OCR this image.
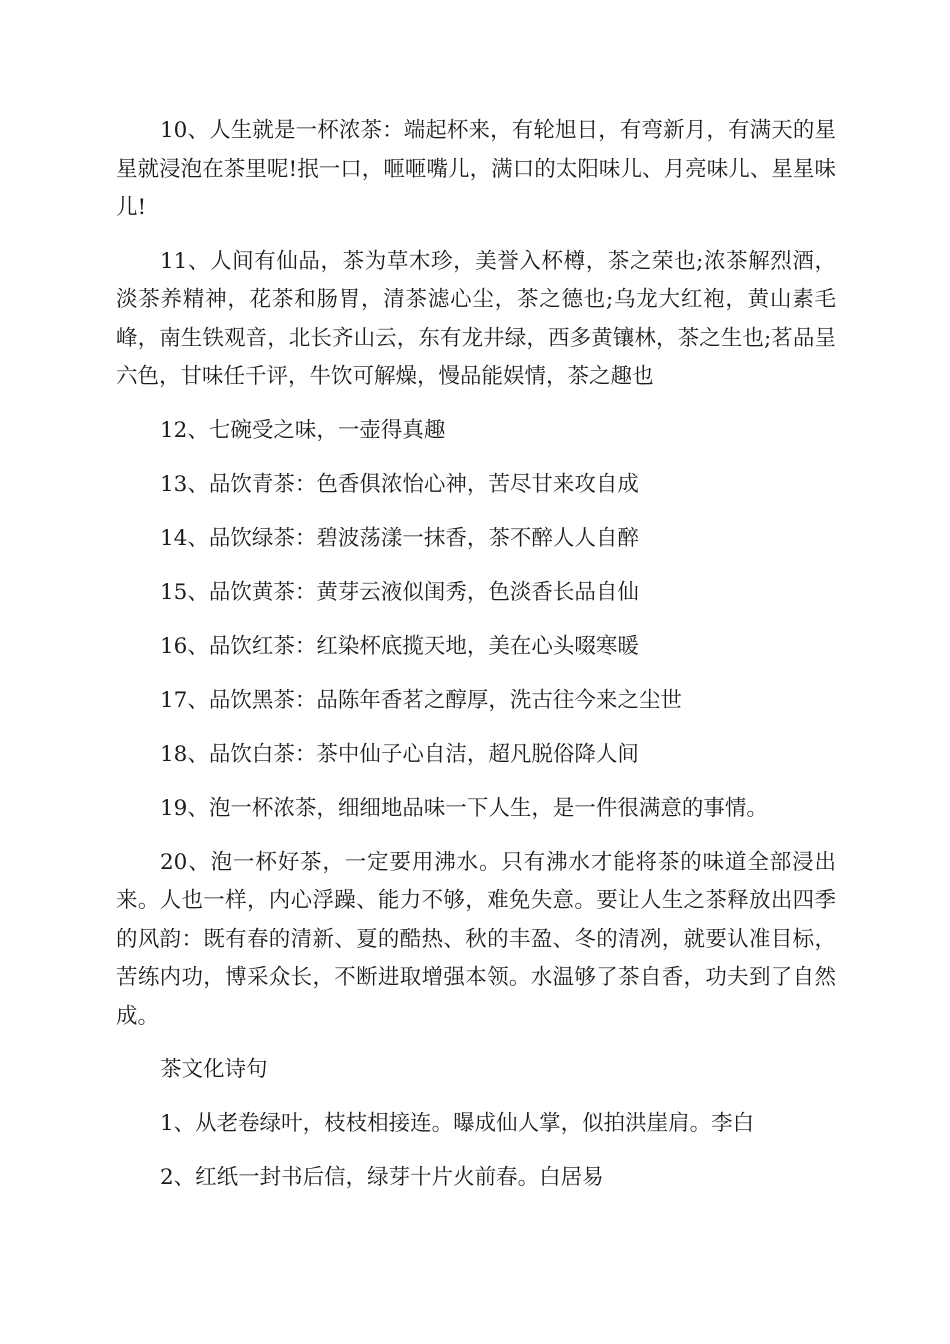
10、人生就是一杯浓茶：端起杯来，有轮旭日，有弯新月，有满天的星星就浸泡在茶里呢!抿一口，咂咂嘴儿，满口的太阳味儿、月亮味儿、星星味儿!

11、人间有仙品，茶为草木珍，美誉入杯樽，茶之荣也;浓茶解烈酒，淡茶养精神，花茶和肠胃，清茶滤心尘，茶之德也;乌龙大红袍，黄山素毛峰，南生铁观音，北长齐山云，东有龙井绿，西多黄镶林，茶之生也;茗品呈六色，甘味任千评，牛饮可解燥，慢品能娱情，茶之趣也

12、七碗受之味，一壶得真趣

13、品饮青茶：色香俱浓怡心神，苦尽甘来攻自成

14、品饮绿茶：碧波荡漾一抹香，茶不醉人人自醉

15、品饮黄茶：黄芽云液似闺秀，色淡香长品自仙

16、品饮红茶：红染杯底揽天地，美在心头啜寒暖

17、品饮黑茶：品陈年香茗之醇厚，洗古往今来之尘世

18、品饮白茶：茶中仙子心自洁，超凡脱俗降人间

19、泡一杯浓茶，细细地品味一下人生，是一件很满意的事情。

20、泡一杯好茶，一定要用沸水。只有沸水才能将茶的味道全部浸出来。人也一样，内心浮躁、能力不够，难免失意。要让人生之茶释放出四季的风韵：既有春的清新、夏的酷热、秋的丰盈、冬的清冽，就要认准目标，苦练内功，博采众长，不断进取增强本领。水温够了茶自香，功夫到了自然成。

茶文化诗句

1、从老卷绿叶，枝枝相接连。曝成仙人掌，似拍洪崖肩。李白

2、红纸一封书后信，绿芽十片火前春。白居易
